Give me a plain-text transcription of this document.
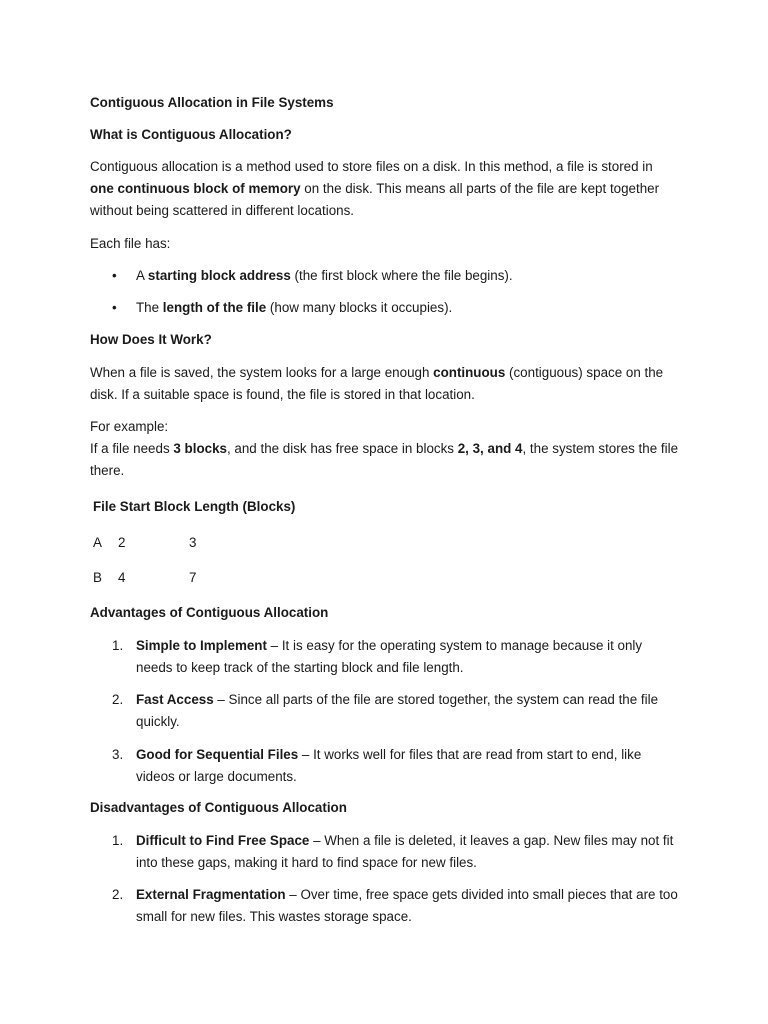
Contiguous Allocation in File Systems

What is Contiguous Allocation?

Contiguous allocation is a method used to store files on a disk. In this method, a file is stored in one continuous block of memory on the disk. This means all parts of the file are kept together without being scattered in different locations.

Each file has:

• A starting block address (the first block where the file begins).
• The length of the file (how many blocks it occupies).

How Does It Work?

When a file is saved, the system looks for a large enough continuous (contiguous) space on the disk. If a suitable space is found, the file is stored in that location.

For example:

If a file needs 3 blocks, and the disk has free space in blocks 2, 3, and 4, the system stores the file there.

File Start Block Length (Blocks)
A 2	3
B 4	7

Advantages of Contiguous Allocation

1. Simple to Implement – It is easy for the operating system to manage because it only needs to keep track of the starting block and file length.
2. Fast Access – Since all parts of the file are stored together, the system can read the file quickly.
3. Good for Sequential Files – It works well for files that are read from start to end, like videos or large documents.

Disadvantages of Contiguous Allocation

1. Difficult to Find Free Space – When a file is deleted, it leaves a gap. New files may not fit into these gaps, making it hard to find space for new files.
2. External Fragmentation – Over time, free space gets divided into small pieces that are too small for new files. This wastes storage space.
